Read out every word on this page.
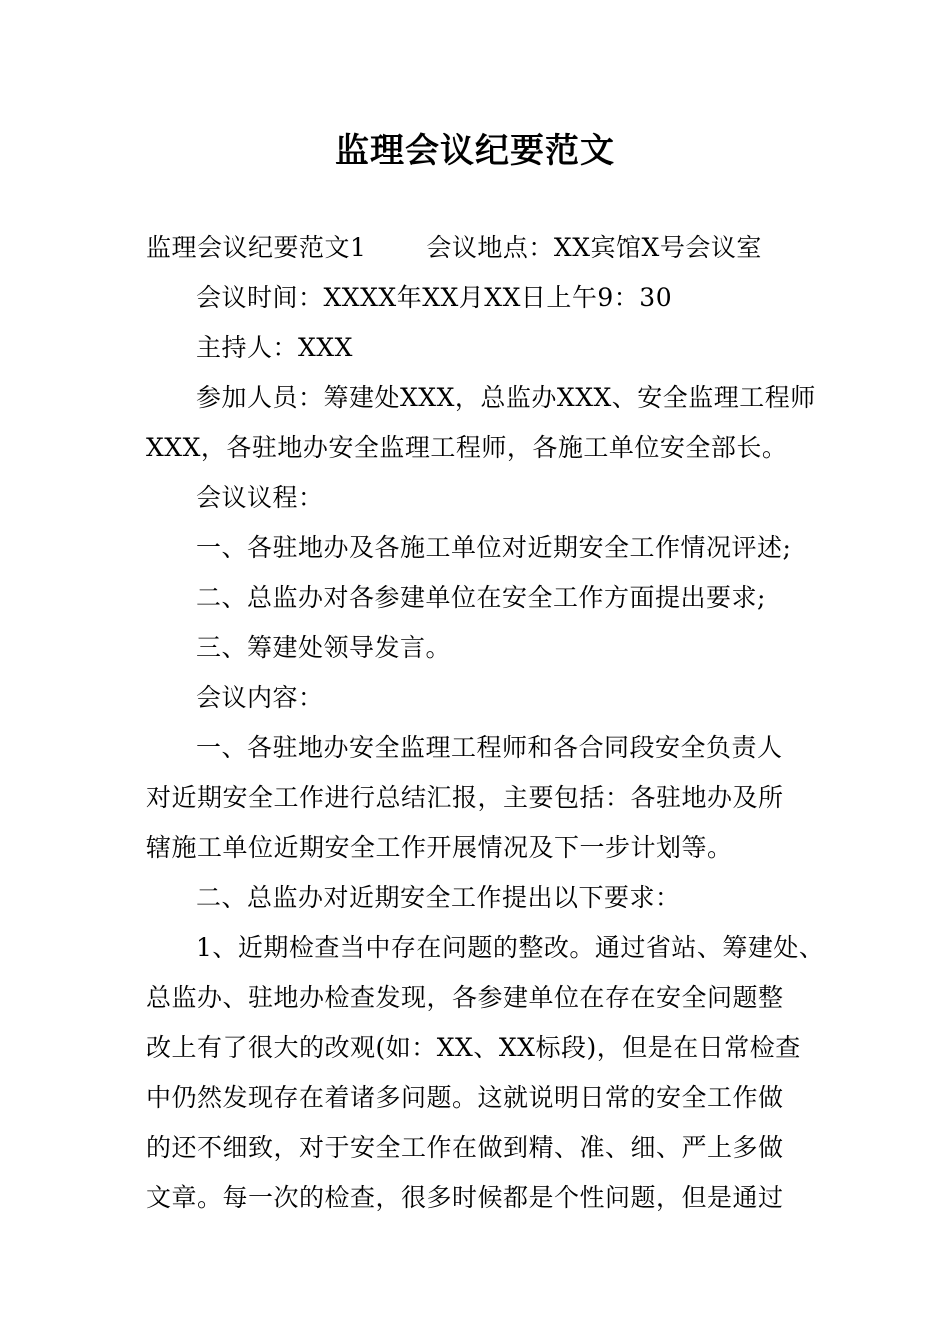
监理会议纪要范文
监理会议纪要范文1 会议地点：XX宾馆X号会议室
会议时间：XXXX年XX月XX日上午9：30
主持人：XXX
参加人员：筹建处XXX，总监办XXX、安全监理工程师
XXX，各驻地办安全监理工程师，各施工单位安全部长。
会议议程：
一、各驻地办及各施工单位对近期安全工作情况评述;
二、总监办对各参建单位在安全工作方面提出要求;
三、筹建处领导发言。
会议内容：
一、各驻地办安全监理工程师和各合同段安全负责人
对近期安全工作进行总结汇报，主要包括：各驻地办及所
辖施工单位近期安全工作开展情况及下一步计划等。
二、总监办对近期安全工作提出以下要求：
1、近期检查当中存在问题的整改。通过省站、筹建处、
总监办、驻地办检查发现，各参建单位在存在安全问题整
改上有了很大的改观(如：XX、XX标段)，但是在日常检查
中仍然发现存在着诸多问题。这就说明日常的安全工作做
的还不细致，对于安全工作在做到精、准、细、严上多做
文章。每一次的检查，很多时候都是个性问题，但是通过
